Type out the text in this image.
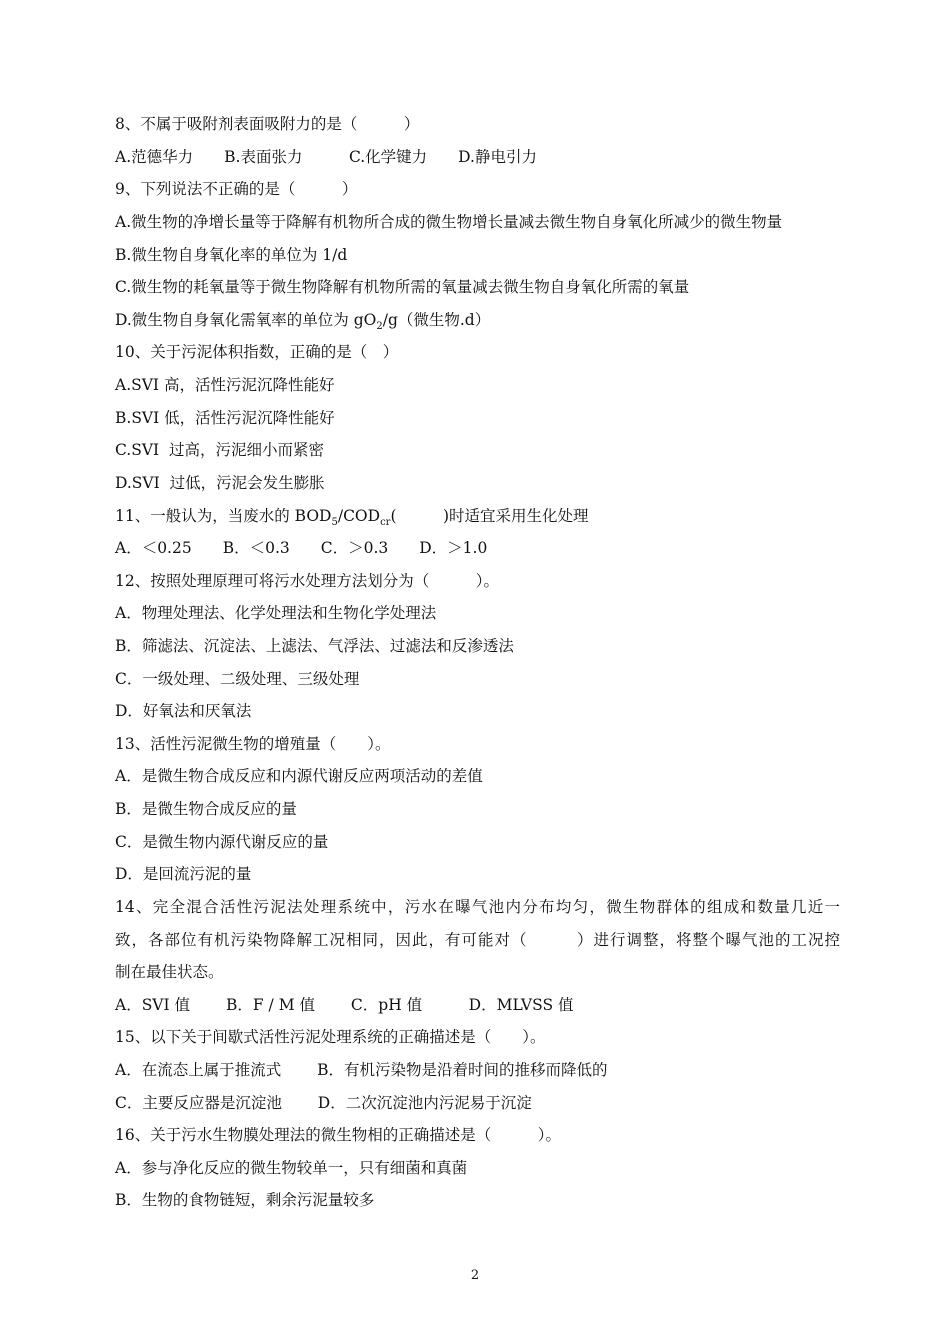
8、不属于吸附剂表面吸附力的是（　　　）
A.范德华力　　B.表面张力　　　C.化学键力　　D.静电引力
9、下列说法不正确的是（　　　）
A.微生物的净增长量等于降解有机物所合成的微生物增长量减去微生物自身氧化所减少的微生物量
B.微生物自身氧化率的单位为 1/d
C.微生物的耗氧量等于微生物降解有机物所需的氧量减去微生物自身氧化所需的氧量
D.微生物自身氧化需氧率的单位为 $gO_2/g$（微生物.d）
10、关于污泥体积指数，正确的是（　）
A.SVI 高，活性污泥沉降性能好
B.SVI 低，活性污泥沉降性能好
C.SVI  过高，污泥细小而紧密
D.SVI  过低，污泥会发生膨胀
11、一般认为，当废水的 $BOD_5/COD_{cr}$(　　　)时适宜采用生化处理
A．＜0.25　　B．＜0.3　　C．＞0.3　　D．＞1.0
12、按照处理原理可将污水处理方法划分为（　　　）。
A．物理处理法、化学处理法和生物化学处理法
B．筛滤法、沉淀法、上滤法、气浮法、过滤法和反渗透法
C．一级处理、二级处理、三级处理
D．好氧法和厌氧法
13、活性污泥微生物的增殖量（　　）。
A．是微生物合成反应和内源代谢反应两项活动的差值
B．是微生物合成反应的量
C．是微生物内源代谢反应的量
D．是回流污泥的量
14、完全混合活性污泥法处理系统中，污水在曝气池内分布均匀，微生物群体的组成和数量几近一
致，各部位有机污染物降解工况相同，因此，有可能对（　　　）进行调整，将整个曝气池的工况控
制在最佳状态。
A．SVI 值　　 B．F / M 值　　 C．pH 值　　　D．MLVSS 值
15、以下关于间歇式活性污泥处理系统的正确描述是（　　）。
A．在流态上属于推流式　　 B．有机污染物是沿着时间的推移而降低的
C．主要反应器是沉淀池　　 D．二次沉淀池内污泥易于沉淀
16、关于污水生物膜处理法的微生物相的正确描述是（　　　）。
A．参与净化反应的微生物较单一，只有细菌和真菌
B．生物的食物链短，剩余污泥量较多
2
